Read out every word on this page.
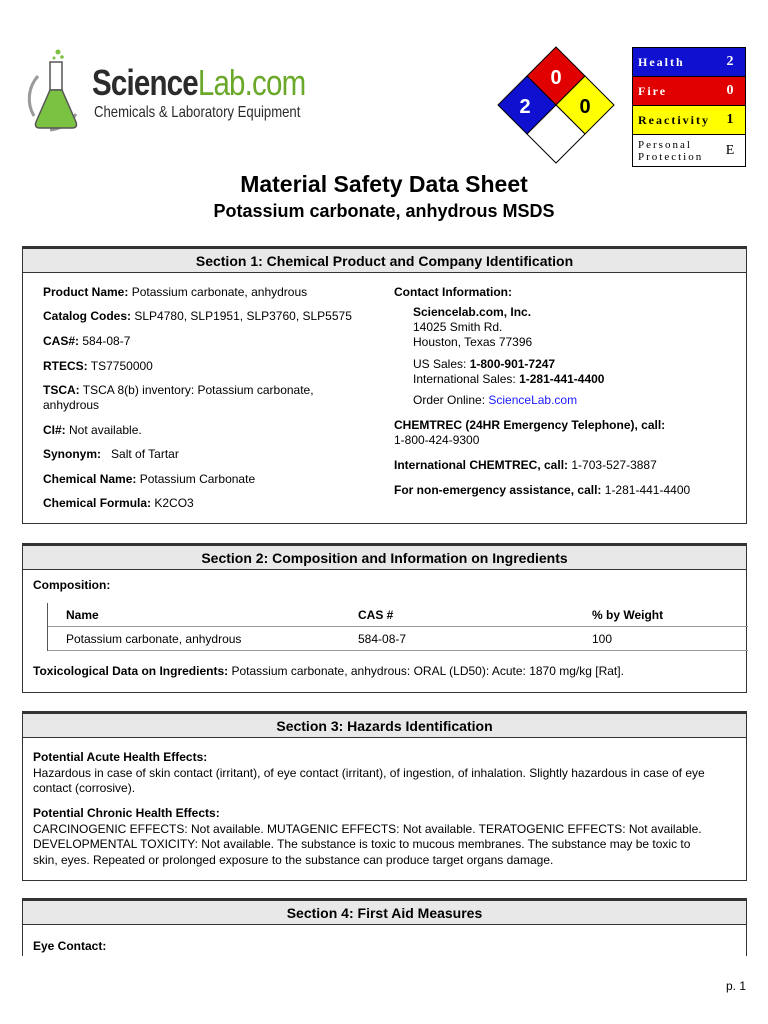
ScienceLab.com
Chemicals & Laboratory Equipment
0
2 0
Health	2
Fire	0
Reactivity	1
Personal Protection	E
Material Safety Data Sheet
Potassium carbonate, anhydrous MSDS
Section 1: Chemical Product and Company Identification
Product Name: Potassium carbonate, anhydrous
Catalog Codes: SLP4780, SLP1951, SLP3760, SLP5575
CAS#: 584-08-7
RTECS: TS7750000
TSCA: TSCA 8(b) inventory: Potassium carbonate,
anhydrous
CI#: Not available.
Synonym: Salt of Tartar
Chemical Name: Potassium Carbonate
Chemical Formula: K2CO3
Contact Information:
Sciencelab.com, Inc.
14025 Smith Rd.
Houston, Texas 77396
US Sales: 1-800-901-7247
International Sales: 1-281-441-4400
Order Online: ScienceLab.com
CHEMTREC (24HR Emergency Telephone), call:
1-800-424-9300
International CHEMTREC, call: 1-703-527-3887
For non-emergency assistance, call: 1-281-441-4400
Section 2: Composition and Information on Ingredients
Composition:
Name	CAS #	% by Weight
Potassium carbonate, anhydrous	584-08-7	100
Toxicological Data on Ingredients: Potassium carbonate, anhydrous: ORAL (LD50): Acute: 1870 mg/kg [Rat].
Section 3: Hazards Identification
Potential Acute Health Effects:
Hazardous in case of skin contact (irritant), of eye contact (irritant), of ingestion, of inhalation. Slightly hazardous in case of eye
contact (corrosive).
Potential Chronic Health Effects:
CARCINOGENIC EFFECTS: Not available. MUTAGENIC EFFECTS: Not available. TERATOGENIC EFFECTS: Not available.
DEVELOPMENTAL TOXICITY: Not available. The substance is toxic to mucous membranes. The substance may be toxic to
skin, eyes. Repeated or prolonged exposure to the substance can produce target organs damage.
Section 4: First Aid Measures
Eye Contact:
p. 1
